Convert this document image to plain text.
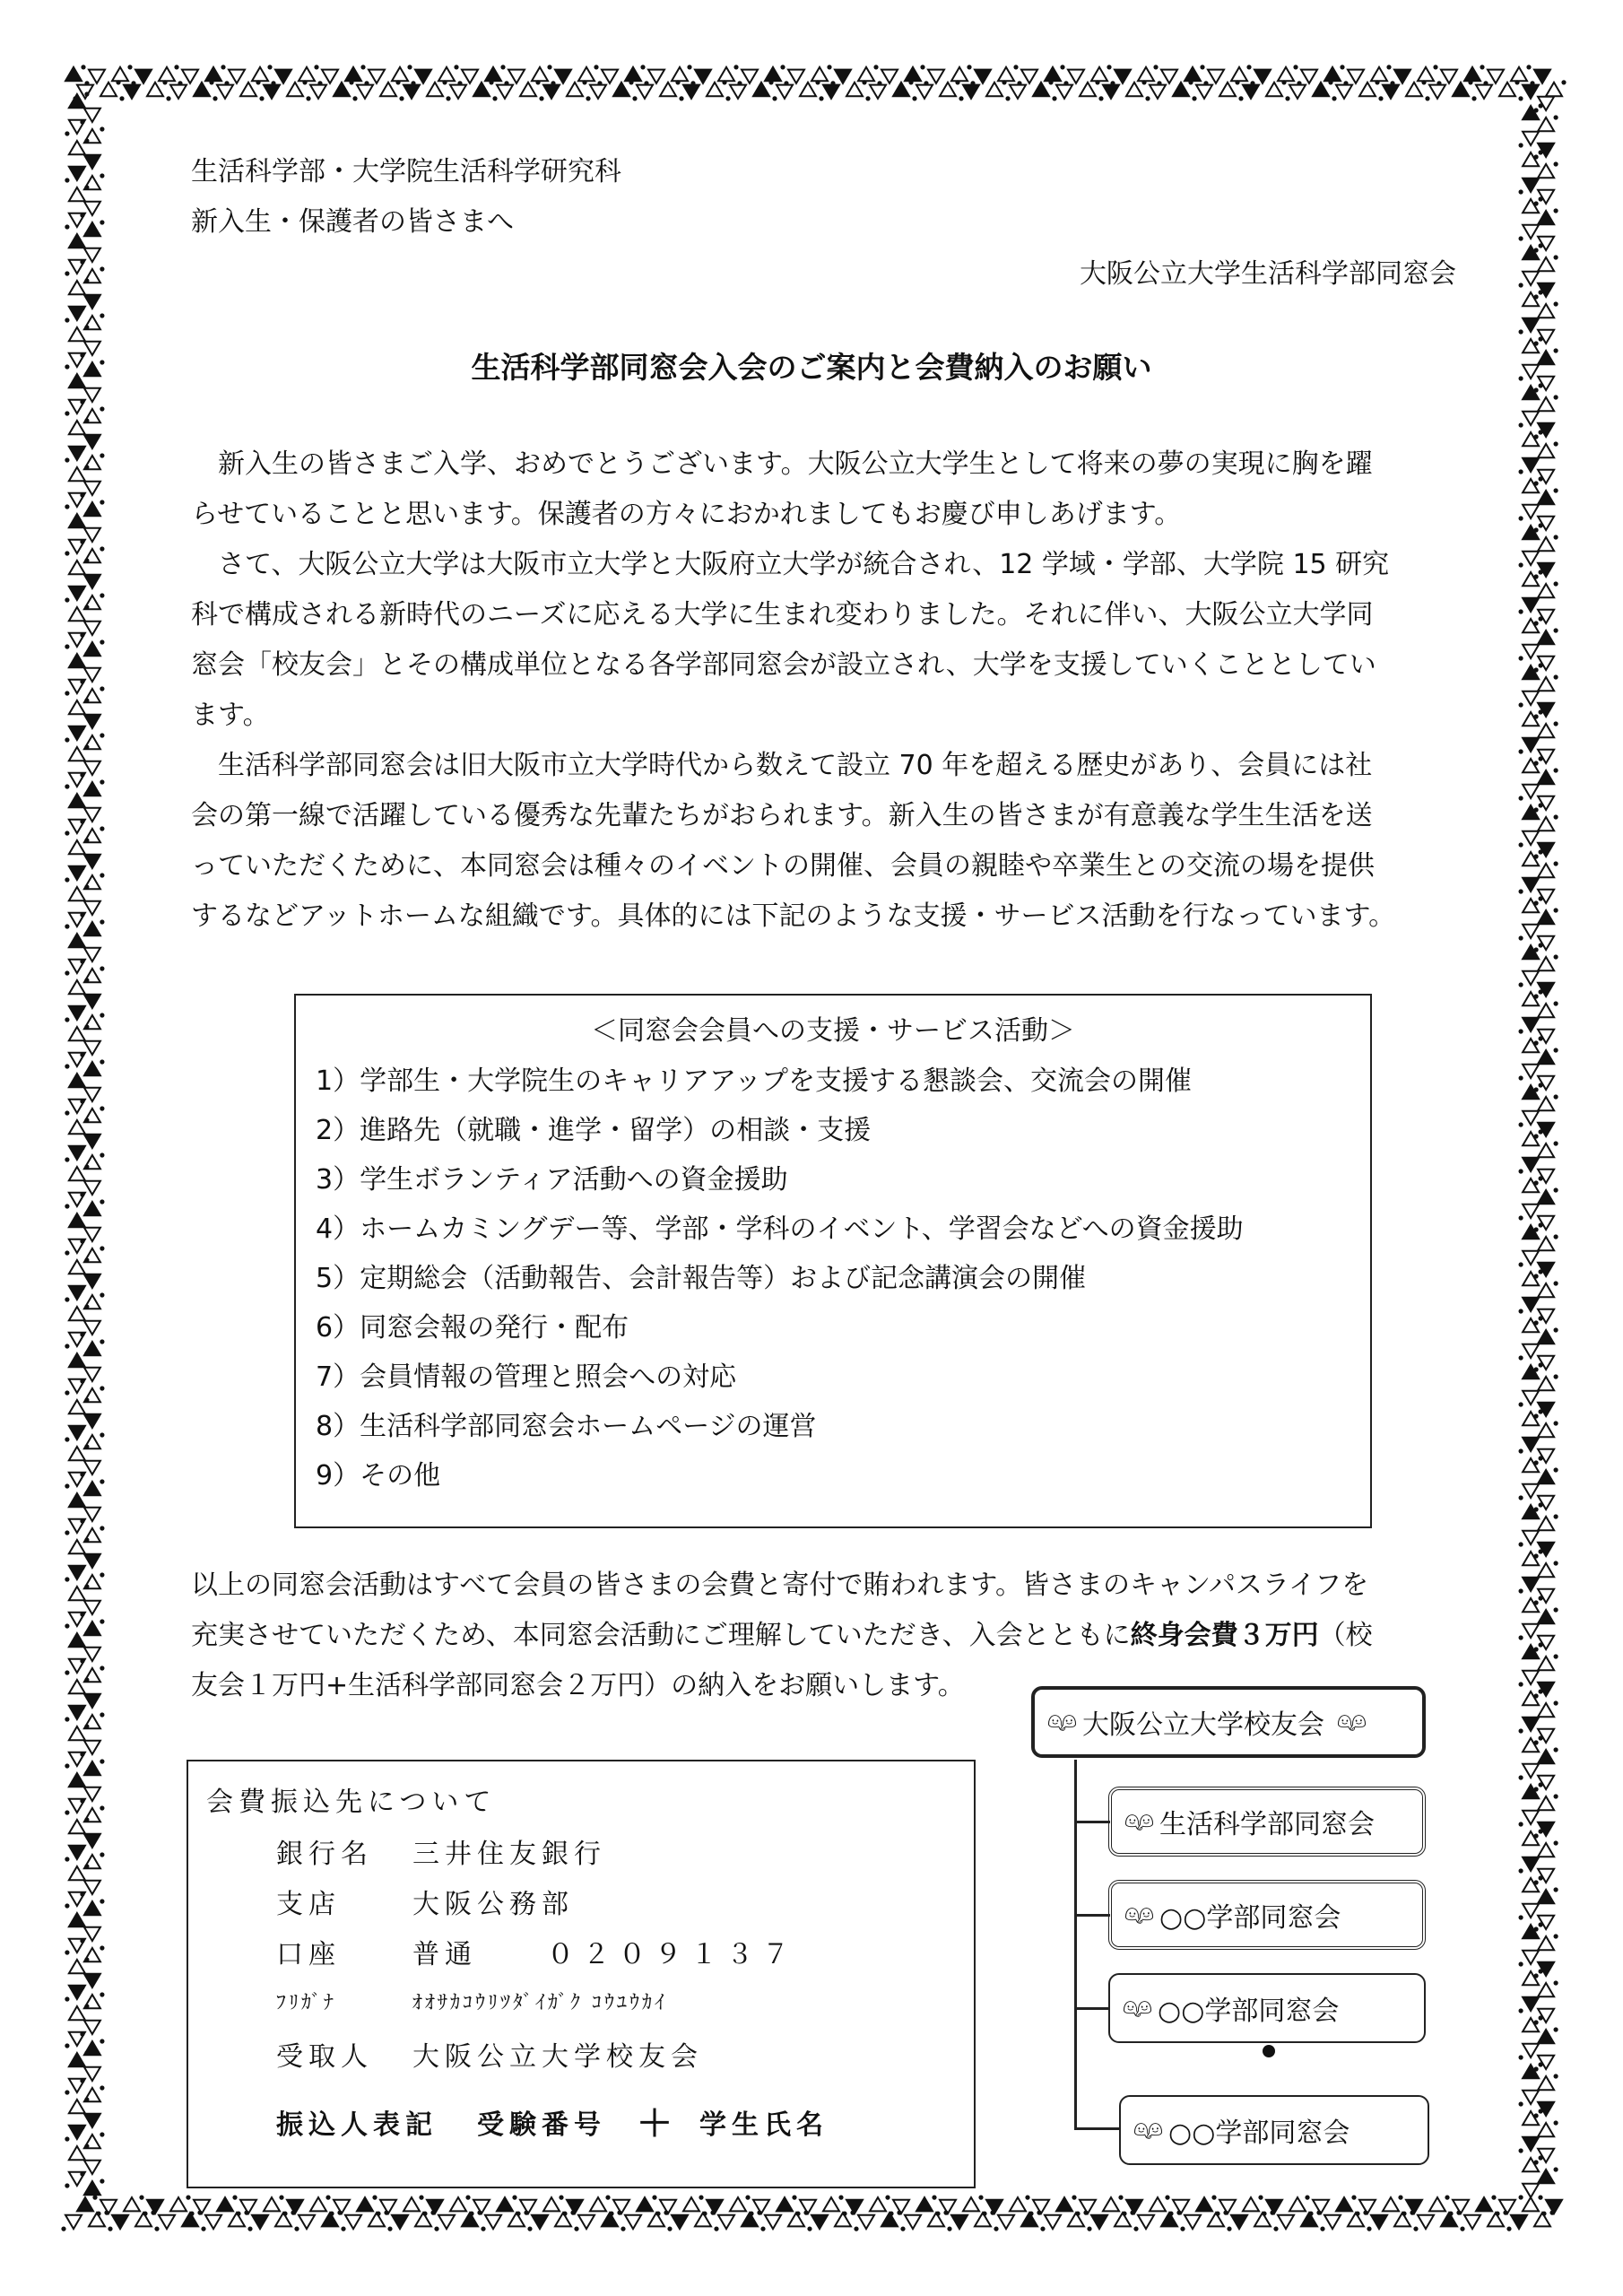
生活科学部・大学院生活科学研究科
新入生・保護者の皆さまへ
大阪公立大学生活科学部同窓会
生活科学部同窓会入会のご案内と会費納入のお願い
　新入生の皆さまご入学、おめでとうございます。大阪公立大学生として将来の夢の実現に胸を躍
らせていることと思います。保護者の方々におかれましてもお慶び申しあげます。
　さて、大阪公立大学は大阪市立大学と大阪府立大学が統合され、12 学域・学部、大学院 15 研究
科で構成される新時代のニーズに応える大学に生まれ変わりました。それに伴い、大阪公立大学同
窓会「校友会」とその構成単位となる各学部同窓会が設立され、大学を支援していくこととしてい
ます。
　生活科学部同窓会は旧大阪市立大学時代から数えて設立 70 年を超える歴史があり、会員には社
会の第一線で活躍している優秀な先輩たちがおられます。新入生の皆さまが有意義な学生生活を送
っていただくために、本同窓会は種々のイベントの開催、会員の親睦や卒業生との交流の場を提供
するなどアットホームな組織です。具体的には下記のような支援・サービス活動を行なっています。
＜同窓会会員への支援・サービス活動＞
1）学部生・大学院生のキャリアアップを支援する懇談会、交流会の開催
2）進路先（就職・進学・留学）の相談・支援
3）学生ボランティア活動への資金援助
4）ホームカミングデー等、学部・学科のイベント、学習会などへの資金援助
5）定期総会（活動報告、会計報告等）および記念講演会の開催
6）同窓会報の発行・配布
7）会員情報の管理と照会への対応
8）生活科学部同窓会ホームページの運営
9）その他
以上の同窓会活動はすべて会員の皆さまの会費と寄付で賄われます。皆さまのキャンパスライフを
充実させていただくため、本同窓会活動にご理解していただき、入会とともに終身会費３万円（校
友会１万円+生活科学部同窓会２万円）の納入をお願いします。
会費振込先について
銀行名 三井住友銀行
支店	大阪公務部
口座	普通	０２０９１３７
ﾌﾘｶﾞﾅ	ｵｵｻｶｺｳﾘﾂﾀﾞｲｶﾞｸ ｺｳﾕｳｶｲ
受取人 大阪公立大学校友会
振込人表記 受験番号 ＋ 学生氏名
👫︎ 大阪公立大学校友会 👫︎
👫︎ 生活科学部同窓会
👫︎ ○○学部同窓会
👫︎ ○○学部同窓会
👫︎ ○○学部同窓会
